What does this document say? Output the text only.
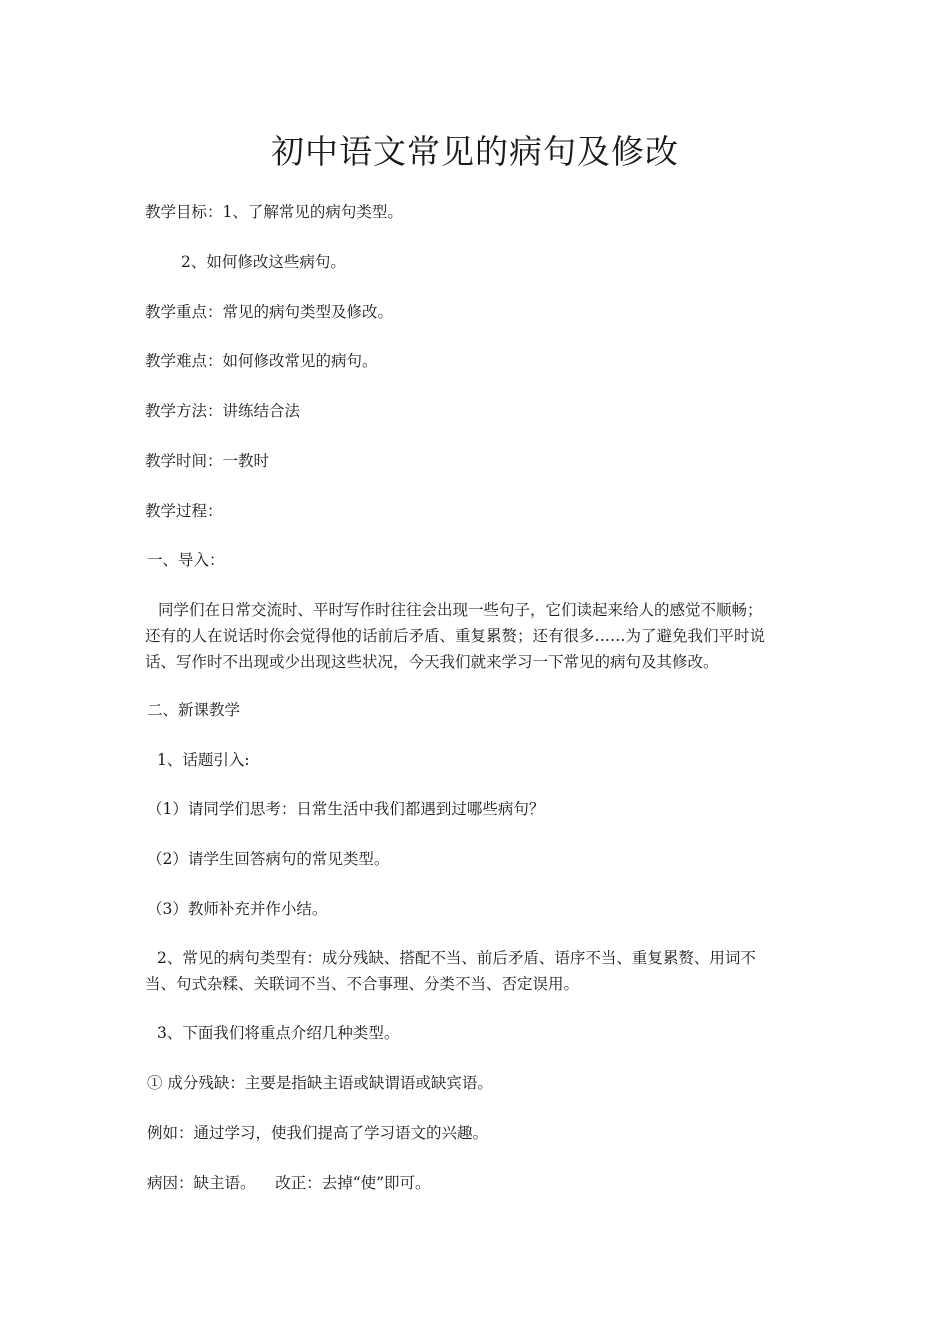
初中语文常见的病句及修改
教学目标：1、了解常见的病句类型。
2、如何修改这些病句。
教学重点：常见的病句类型及修改。
教学难点：如何修改常见的病句。
教学方法：讲练结合法
教学时间：一教时
教学过程：
一、导入：
同学们在日常交流时、平时写作时往往会出现一些句子，它们读起来给人的感觉不顺畅；
还有的人在说话时你会觉得他的话前后矛盾、重复累赘；还有很多……为了避免我们平时说
话、写作时不出现或少出现这些状况，今天我们就来学习一下常见的病句及其修改。
二、新课教学
1、话题引入:
（1）请同学们思考：日常生活中我们都遇到过哪些病句？
（2）请学生回答病句的常见类型。
（3）教师补充并作小结。
2、常见的病句类型有：成分残缺、搭配不当、前后矛盾、语序不当、重复累赘、用词不
当、句式杂糅、关联词不当、不合事理、分类不当、否定误用。
3、下面我们将重点介绍几种类型。
① 成分残缺：主要是指缺主语或缺谓语或缺宾语。
例如：通过学习，使我们提高了学习语文的兴趣。
病因：缺主语。    改正：去掉“使”即可。
